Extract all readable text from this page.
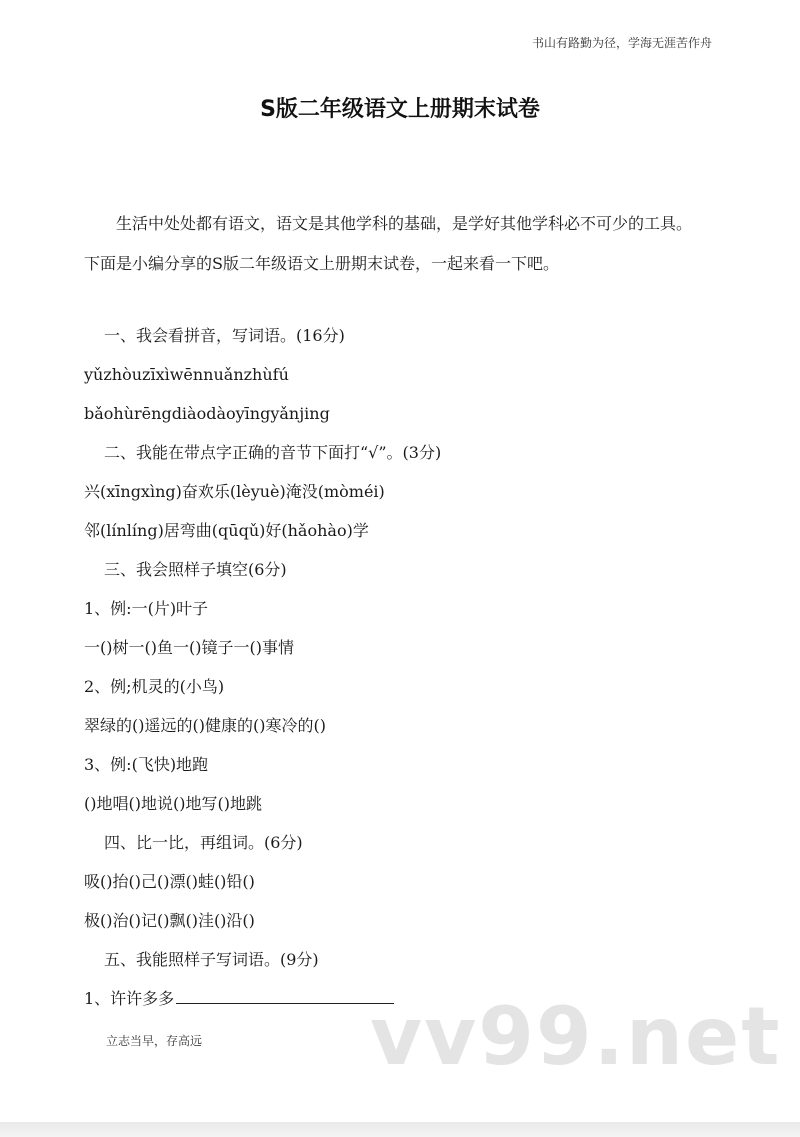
书山有路勤为径，学海无涯苦作舟
S版二年级语文上册期末试卷

生活中处处都有语文，语文是其他学科的基础，是学好其他学科必不可少的工具。下面是小编分享的S版二年级语文上册期末试卷，一起来看一下吧。

一、我会看拼音，写词语。(16分)
yǔzhòuzīxìwēnnuǎnzhùfú
bǎohùrēngdiàodàoyīngyǎnjing
二、我能在带点字正确的音节下面打“√”。(3分)
兴(xīngxìng)奋欢乐(lèyuè)淹没(mòméi)
邻(línlíng)居弯曲(qūqǔ)好(hǎohào)学
三、我会照样子填空(6分)
1、例:一(片)叶子
一()树一()鱼一()镜子一()事情
2、例;机灵的(小鸟)
翠绿的()遥远的()健康的()寒冷的()
3、例:(飞快)地跑
()地唱()地说()地写()地跳
四、比一比，再组词。(6分)
吸()抬()己()漂()蛙()铅()
极()治()记()飘()洼()沿()
五、我能照样子写词语。(9分)
1、许许多多	vv99.net
立志当早，存高远
